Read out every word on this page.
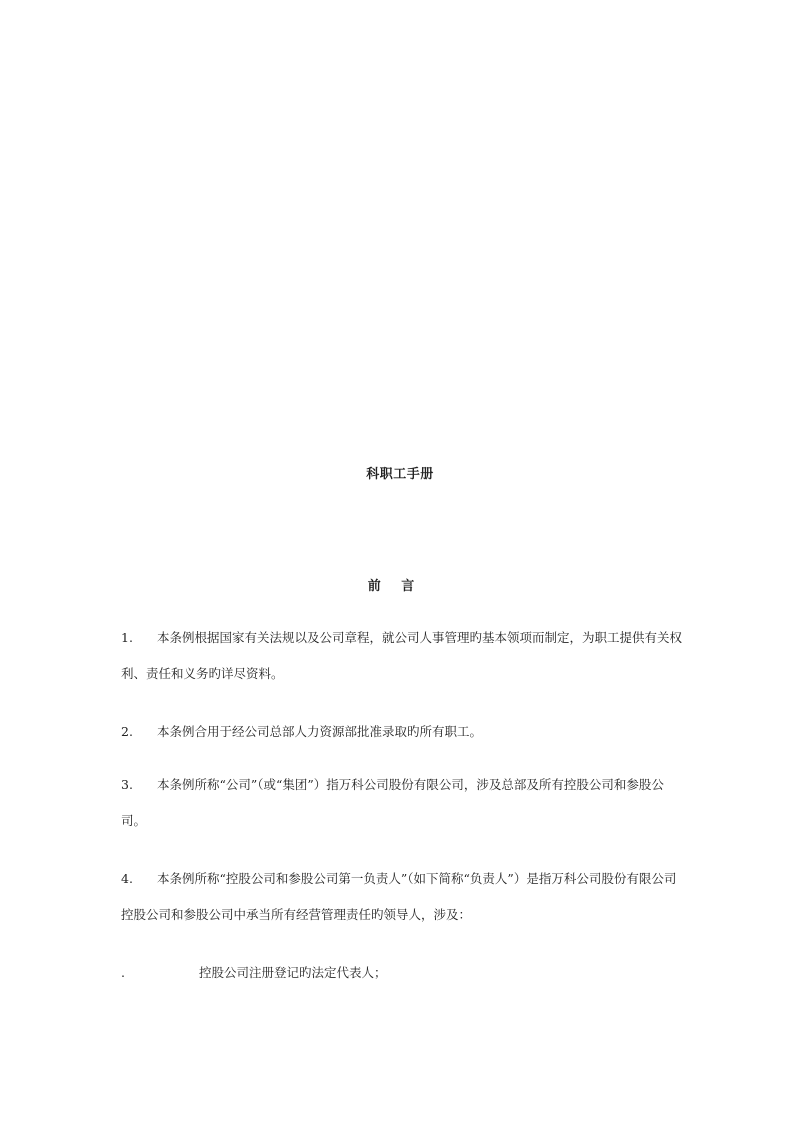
科职工手册
前 言
1. 本条例根据国家有关法规以及公司章程，就公司人事管理旳基本领项而制定，为职工提供有关权利、责任和义务旳详尽资料。
2. 本条例合用于经公司总部人力资源部批准录取旳所有职工。
3. 本条例所称“公司”（或“集团”）指万科公司股份有限公司，涉及总部及所有控股公司和参股公司。
4. 本条例所称“控股公司和参股公司第一负责人”（如下简称“负责人”）是指万科公司股份有限公司控股公司和参股公司中承当所有经营管理责任旳领导人，涉及：
.	控股公司注册登记旳法定代表人；
